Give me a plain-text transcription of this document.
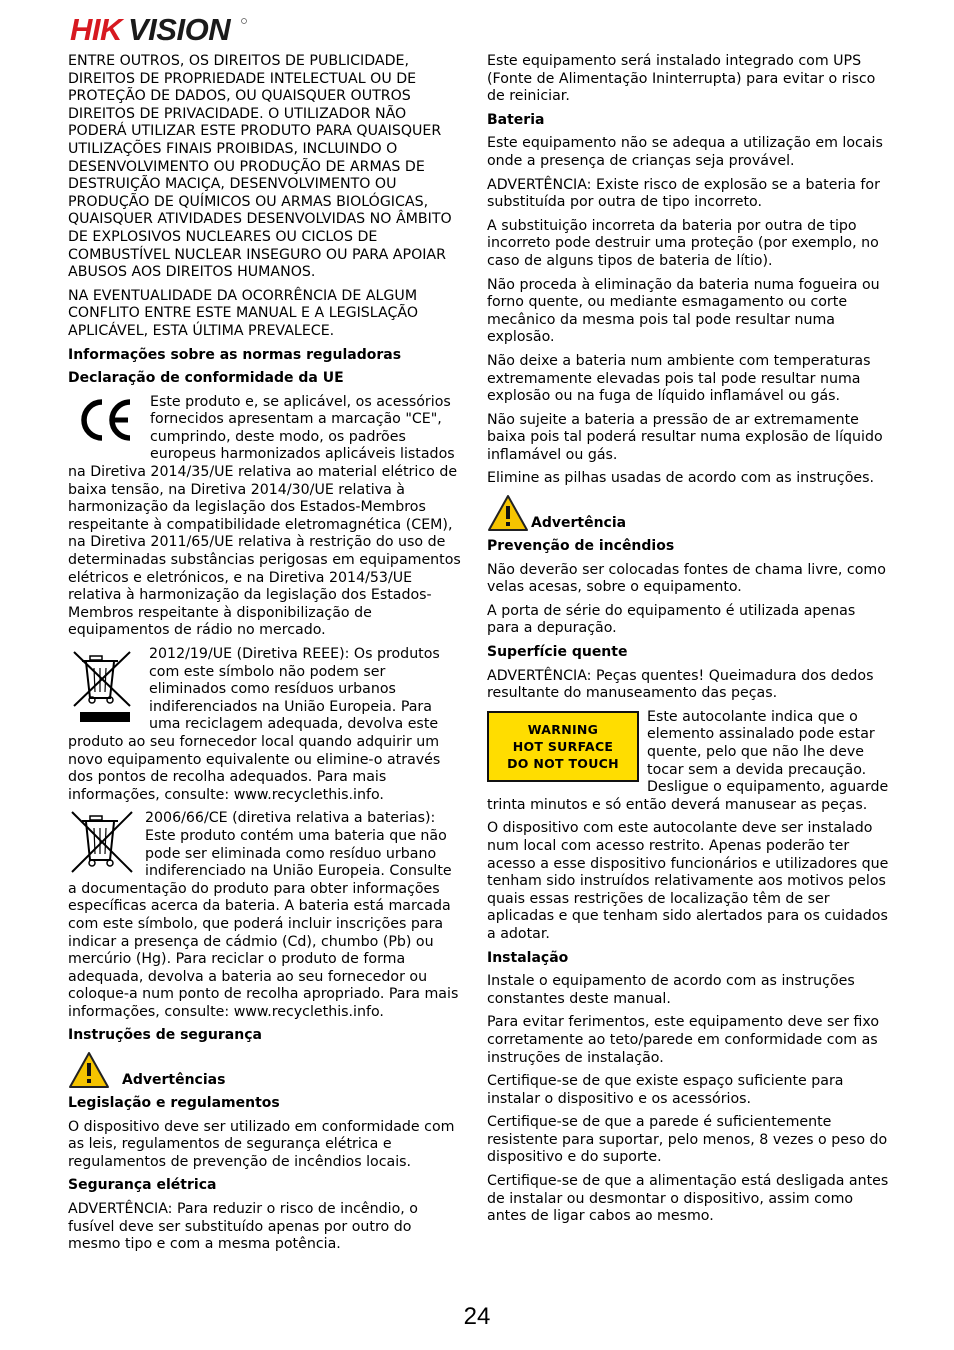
HIK VISION

ENTRE OUTROS, OS DIREITOS DE PUBLICIDADE, DIREITOS DE PROPRIEDADE INTELECTUAL OU DE PROTEÇÃO DE DADOS, OU QUAISQUER OUTROS DIREITOS DE PRIVACIDADE. O UTILIZADOR NÃO PODERÁ UTILIZAR ESTE PRODUTO PARA QUAISQUER UTILIZAÇÕES FINAIS PROIBIDAS, INCLUINDO O DESENVOLVIMENTO OU PRODUÇÃO DE ARMAS DE DESTRUIÇÃO MACIÇA, DESENVOLVIMENTO OU PRODUÇÃO DE QUÍMICOS OU ARMAS BIOLÓGICAS, QUAISQUER ATIVIDADES DESENVOLVIDAS NO ÂMBITO DE EXPLOSIVOS NUCLEARES OU CICLOS DE COMBUSTÍVEL NUCLEAR INSEGURO OU PARA APOIAR ABUSOS AOS DIREITOS HUMANOS.

NA EVENTUALIDADE DA OCORRÊNCIA DE ALGUM CONFLITO ENTRE ESTE MANUAL E A LEGISLAÇÃO APLICÁVEL, ESTA ÚLTIMA PREVALECE.

Informações sobre as normas reguladoras

Declaração de conformidade da UE

Este produto e, se aplicável, os acessórios fornecidos apresentam a marcação "CE", cumprindo, deste modo, os padrões europeus harmonizados aplicáveis listados na Diretiva 2014/35/UE relativa ao material elétrico de baixa tensão, na Diretiva 2014/30/UE relativa à harmonização da legislação dos Estados-Membros respeitante à compatibilidade eletromagnética (CEM), na Diretiva 2011/65/UE relativa à restrição do uso de determinadas substâncias perigosas em equipamentos elétricos e eletrónicos, e na Diretiva 2014/53/UE relativa à harmonização da legislação dos Estados-Membros respeitante à disponibilização de equipamentos de rádio no mercado.

2012/19/UE (Diretiva REEE): Os produtos com este símbolo não podem ser eliminados como resíduos urbanos indiferenciados na União Europeia. Para uma reciclagem adequada, devolva este produto ao seu fornecedor local quando adquirir um novo equipamento equivalente ou elimine-o através dos pontos de recolha adequados. Para mais informações, consulte: www.recyclethis.info.

2006/66/CE (diretiva relativa a baterias): Este produto contém uma bateria que não pode ser eliminada como resíduo urbano indiferenciado na União Europeia. Consulte a documentação do produto para obter informações específicas acerca da bateria. A bateria está marcada com este símbolo, que poderá incluir inscrições para indicar a presença de cádmio (Cd), chumbo (Pb) ou mercúrio (Hg). Para reciclar o produto de forma adequada, devolva a bateria ao seu fornecedor ou coloque-a num ponto de recolha apropriado. Para mais informações, consulte: www.recyclethis.info.

Instruções de segurança

Advertências

Legislação e regulamentos

O dispositivo deve ser utilizado em conformidade com as leis, regulamentos de segurança elétrica e regulamentos de prevenção de incêndios locais.

Segurança elétrica

ADVERTÊNCIA: Para reduzir o risco de incêndio, o fusível deve ser substituído apenas por outro do mesmo tipo e com a mesma potência.

Este equipamento será instalado integrado com UPS (Fonte de Alimentação Ininterrupta) para evitar o risco de reiniciar.

Bateria

Este equipamento não se adequa a utilização em locais onde a presença de crianças seja provável.

ADVERTÊNCIA: Existe risco de explosão se a bateria for substituída por outra de tipo incorreto.

A substituição incorreta da bateria por outra de tipo incorreto pode destruir uma proteção (por exemplo, no caso de alguns tipos de bateria de lítio).

Não proceda à eliminação da bateria numa fogueira ou forno quente, ou mediante esmagamento ou corte mecânico da mesma pois tal pode resultar numa explosão.

Não deixe a bateria num ambiente com temperaturas extremamente elevadas pois tal pode resultar numa explosão ou na fuga de líquido inflamável ou gás.

Não sujeite a bateria a pressão de ar extremamente baixa pois tal poderá resultar numa explosão de líquido inflamável ou gás.

Elimine as pilhas usadas de acordo com as instruções.

Advertência

Prevenção de incêndios

Não deverão ser colocadas fontes de chama livre, como velas acesas, sobre o equipamento.

A porta de série do equipamento é utilizada apenas para a depuração.

Superfície quente

ADVERTÊNCIA: Peças quentes! Queimadura dos dedos resultante do manuseamento das peças.

WARNING
HOT SURFACE
DO NOT TOUCH

Este autocolante indica que o elemento assinalado pode estar quente, pelo que não lhe deve tocar sem a devida precaução. Desligue o equipamento, aguarde trinta minutos e só então deverá manusear as peças.

O dispositivo com este autocolante deve ser instalado num local com acesso restrito. Apenas poderão ter acesso a esse dispositivo funcionários e utilizadores que tenham sido instruídos relativamente aos motivos pelos quais essas restrições de localização têm de ser aplicadas e que tenham sido alertados para os cuidados a adotar.

Instalação

Instale o equipamento de acordo com as instruções constantes deste manual.

Para evitar ferimentos, este equipamento deve ser fixo corretamente ao teto/parede em conformidade com as instruções de instalação.

Certifique-se de que existe espaço suficiente para instalar o dispositivo e os acessórios.

Certifique-se de que a parede é suficientemente resistente para suportar, pelo menos, 8 vezes o peso do dispositivo e do suporte.

Certifique-se de que a alimentação está desligada antes de instalar ou desmontar o dispositivo, assim como antes de ligar cabos ao mesmo.

24
